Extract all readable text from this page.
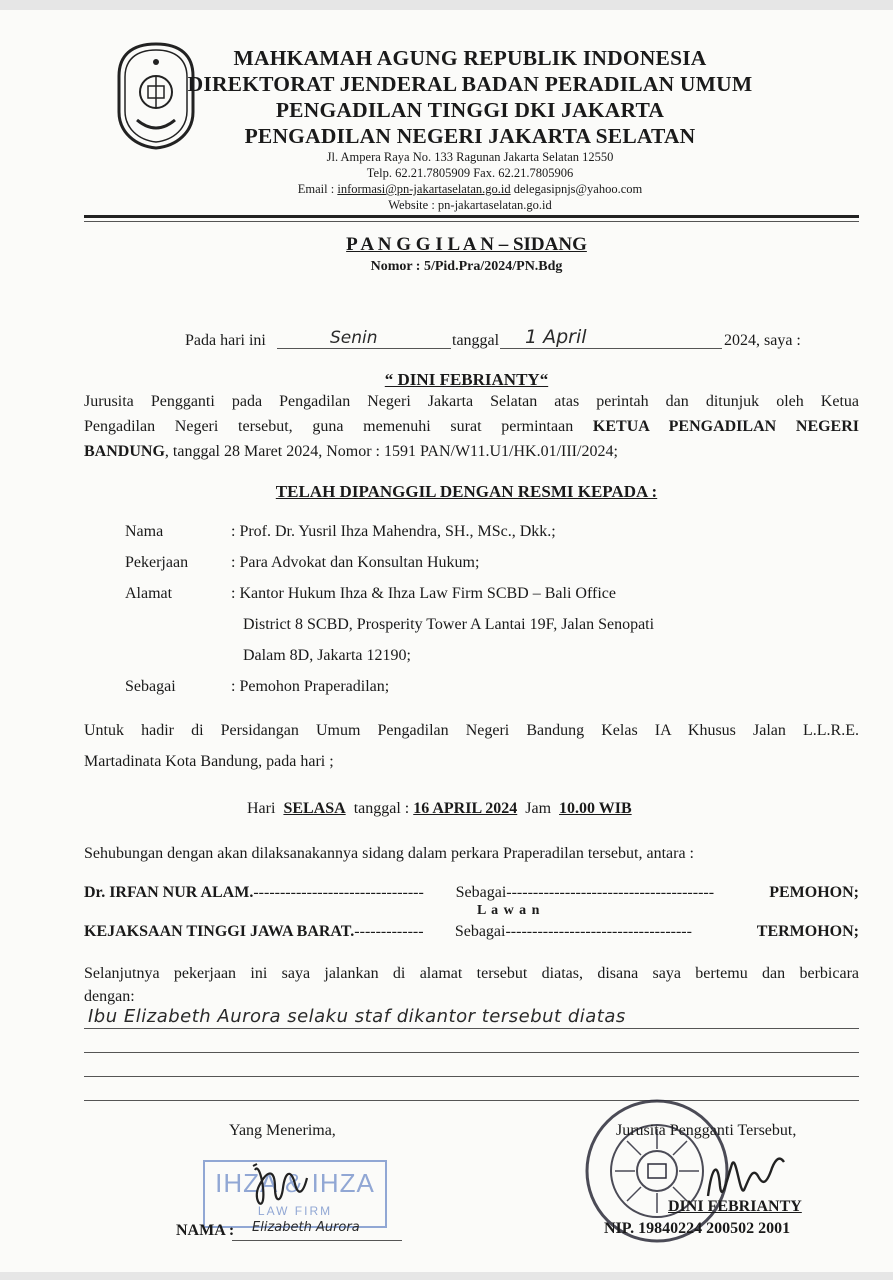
MAHKAMAH AGUNG REPUBLIK INDONESIA
DIREKTORAT JENDERAL BADAN PERADILAN UMUM
PENGADILAN TINGGI DKI JAKARTA
PENGADILAN NEGERI JAKARTA SELATAN
Jl. Ampera Raya No. 133 Ragunan Jakarta Selatan 12550
Telp. 62.21.7805909 Fax. 62.21.7805906
Email : informasi@pn-jakartaselatan.go.id delegasipnjs@yahoo.com
Website : pn-jakartaselatan.go.id
P A N G G I L A N – SIDANG
Nomor : 5/Pid.Pra/2024/PN.Bdg
Pada hari ini	Senin	tanggal 1 April	2024, saya :
“ DINI FEBRIANTY“
Jurusita Pengganti pada Pengadilan Negeri Jakarta Selatan atas perintah dan ditunjuk oleh Ketua
Pengadilan Negeri tersebut, guna memenuhi surat permintaan KETUA PENGADILAN NEGERI
BANDUNG, tanggal 28 Maret 2024, Nomor : 1591 PAN/W11.U1/HK.01/III/2024;
TELAH DIPANGGIL DENGAN RESMI KEPADA :
Nama	: Prof. Dr. Yusril Ihza Mahendra, SH., MSc., Dkk.;
Pekerjaan	: Para Advokat dan Konsultan Hukum;
Alamat	: Kantor Hukum Ihza & Ihza Law Firm SCBD – Bali Office
District 8 SCBD, Prosperity Tower A Lantai 19F, Jalan Senopati
Dalam 8D, Jakarta 12190;
Sebagai	: Pemohon Praperadilan;
Untuk hadir di Persidangan Umum Pengadilan Negeri Bandung Kelas IA Khusus Jalan L.L.R.E.
Martadinata Kota Bandung, pada hari ;
Hari SELASA tanggal : 16 APRIL 2024 Jam 10.00 WIB
Sehubungan dengan akan dilaksanakannya sidang dalam perkara Praperadilan tersebut, antara :
Dr. IRFAN NUR ALAM. --------------------------------	Sebagai ---------------------------------------	PEMOHON;
L a w a n
KEJAKSAAN TINGGI JAWA BARAT. -------------	Sebagai -----------------------------------	TERMOHON;
Selanjutnya pekerjaan ini saya jalankan di alamat tersebut diatas, disana saya bertemu dan berbicara
dengan:
Ibu Elizabeth Aurora selaku staf dikantor tersebut diatas
Yang Menerima,
IHZA & IHZA
LAW FIRM
NAMA : Elizabeth Aurora
Jurusita Pengganti Tersebut,
DINI FEBRIANTY
NIP. 19840224 200502 2001
